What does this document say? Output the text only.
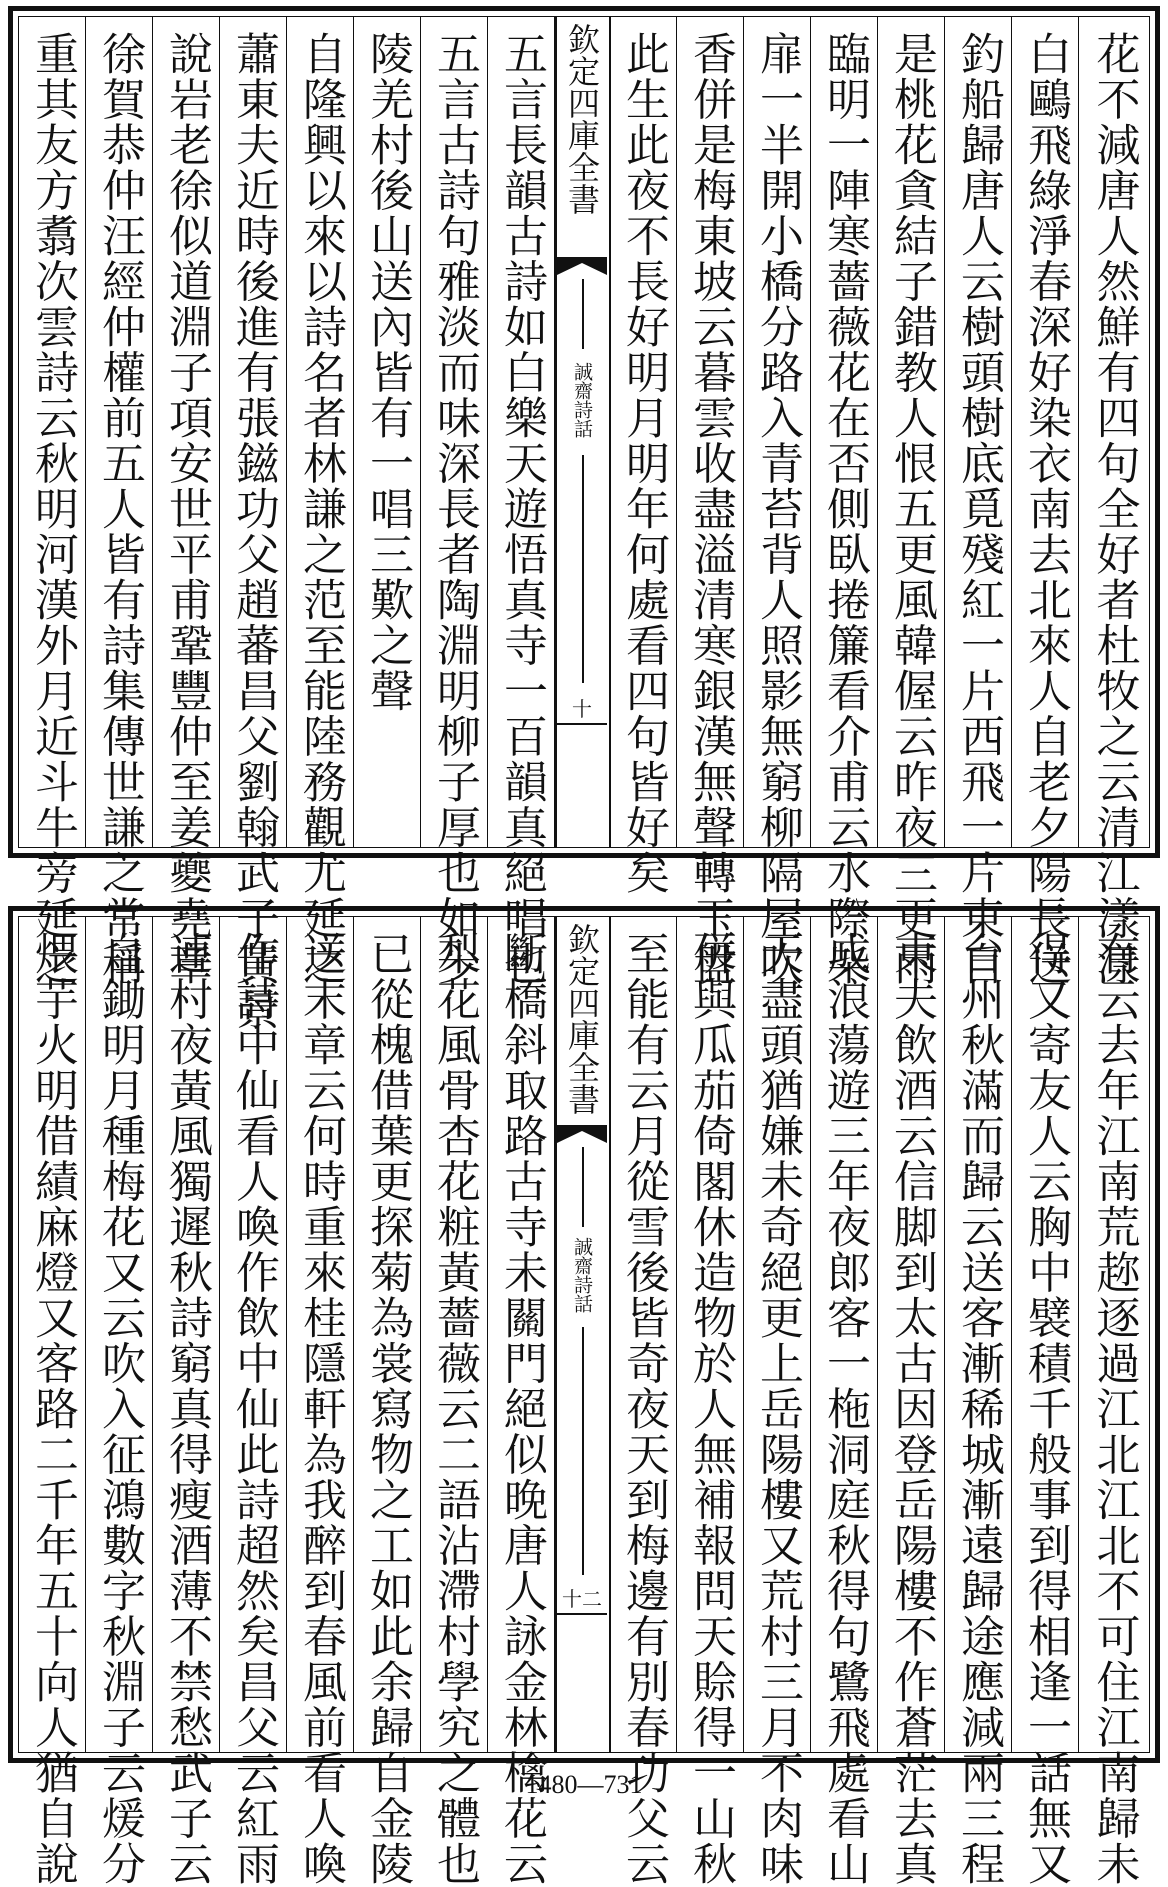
重其友方翥次雲詩云秋明河漢外月近斗牛旁延之 徐賀恭仲汪經仲權前五人皆有詩集傳世謙之常稱 說岩老徐似道淵子項安世平甫鞏豐仲至姜夔堯章 蕭東夫近時後進有張鎡功父趙蕃昌父劉翰武子黃景 自隆興以來以詩名者林謙之范至能陸務觀尤延之 陵羌村後山送內皆有一唱三歎之聲 五言古詩句雅淡而味深長者陶淵明柳子厚也如少 五言長韻古詩如白樂天遊悟真寺一百韻真絕唱也 欽定四庫全書
誠齋詩話
十 此生此夜不長好明月明年何處看四句皆好矣 香併是梅東坡云暮雲收盡溢清寒銀漢無聲轉玉盤 扉一半開小橋分路入青苔背人照影無窮柳隔屋吹 臨明一陣寒薔薇花在否側臥捲簾看介甫云水際柴 是桃花貪結子錯教人恨五更風韓偓云昨夜三更雨 釣船歸唐人云樹頭樹底覓殘紅一片西飛一片東自 白鷗飛綠淨春深好染衣南去北來人自老夕陽長送 花不減唐人然鮮有四句全好者杜牧之云清江漾漾
煨芋火明借績麻燈又客路二千年五十向人猶自說 自鋤明月種梅花又云吹入征鴻數字秋淵子云煖分 連村夜黃風獨遲秋詩窮真得瘦酒薄不禁愁武子云 作詩中仙看人喚作飲中仙此詩超然矣昌父云紅雨 送末章云何時重來桂隱軒為我醉到春風前看人喚 已從槐借葉更探菊為裳寫物之工如此余歸自金陵 梨花風骨杏花粧黃薔薇云二語沾滯村學究之體也 斷橋斜取路古寺未關門絕似晚唐人詠金林檎花云 欽定四庫全書
誠齋詩話
十二 至能有云月從雪後皆奇夜天到梅邊有別春功父云 併與瓜茄倚閣休造物於人無補報問天賒得一山秋 天盡頭猶嫌未奇絕更上岳陽樓又荒村三月不肉味 成浪蕩遊三年夜郎客一柂洞庭秋得句鷺飛處看山 東夫飲酒云信脚到太古因登岳陽樓不作蒼茫去真 台州秋滿而歸云送客漸稀城漸遠歸途應減兩三程 得又寄友人云胸中襞積千般事到得相逢一話無又 有云去年江南荒趂逐過江北江北不可住江南歸未
1480—731
